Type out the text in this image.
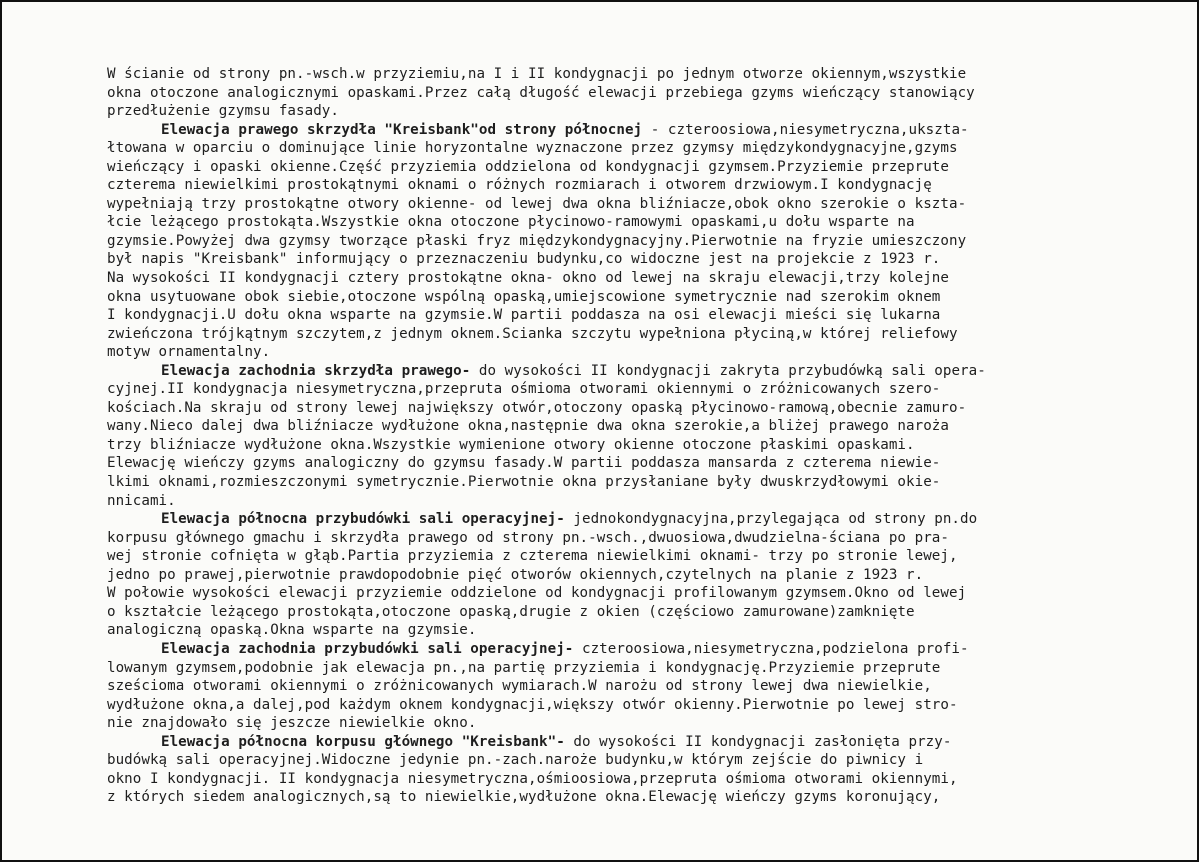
W ścianie od strony pn.-wsch.w przyziemiu,na I i II kondygnacji po jednym otworze okiennym,wszystkie
okna otoczone analogicznymi opaskami.Przez całą długość elewacji przebiega gzyms wieńczący stanowiący
przedłużenie gzymsu fasady.
Elewacja prawego skrzydła "Kreisbank"od strony północnej - czteroosiowa,niesymetryczna,ukszta-
łtowana w oparciu o dominujące linie horyzontalne wyznaczone przez gzymsy międzykondygnacyjne,gzyms
wieńczący i opaski okienne.Część przyziemia oddzielona od kondygnacji gzymsem.Przyziemie przeprute
czterema niewielkimi prostokątnymi oknami o różnych rozmiarach i otworem drzwiowym.I kondygnację
wypełniają trzy prostokątne otwory okienne- od lewej dwa okna bliźniacze,obok okno szerokie o kszta-
łcie leżącego prostokąta.Wszystkie okna otoczone płycinowo-ramowymi opaskami,u dołu wsparte na
gzymsie.Powyżej dwa gzymsy tworzące płaski fryz międzykondygnacyjny.Pierwotnie na fryzie umieszczony
był napis "Kreisbank" informujący o przeznaczeniu budynku,co widoczne jest na projekcie z 1923 r.
Na wysokości II kondygnacji cztery prostokątne okna- okno od lewej na skraju elewacji,trzy kolejne
okna usytuowane obok siebie,otoczone wspólną opaską,umiejscowione symetrycznie nad szerokim oknem
I kondygnacji.U dołu okna wsparte na gzymsie.W partii poddasza na osi elewacji mieści się lukarna
zwieńczona trójkątnym szczytem,z jednym oknem.Scianka szczytu wypełniona płyciną,w której reliefowy
motyw ornamentalny.
Elewacja zachodnia skrzydła prawego- do wysokości II kondygnacji zakryta przybudówką sali opera-
cyjnej.II kondygnacja niesymetryczna,przepruta ośmioma otworami okiennymi o zróżnicowanych szero-
kościach.Na skraju od strony lewej największy otwór,otoczony opaską płycinowo-ramową,obecnie zamuro-
wany.Nieco dalej dwa bliźniacze wydłużone okna,następnie dwa okna szerokie,a bliżej prawego naroża
trzy bliźniacze wydłużone okna.Wszystkie wymienione otwory okienne otoczone płaskimi opaskami.
Elewację wieńczy gzyms analogiczny do gzymsu fasady.W partii poddasza mansarda z czterema niewie-
lkimi oknami,rozmieszczonymi symetrycznie.Pierwotnie okna przysłaniane były dwuskrzydłowymi okie-
nnicami.
Elewacja północna przybudówki sali operacyjnej- jednokondygnacyjna,przylegająca od strony pn.do
korpusu głównego gmachu i skrzydła prawego od strony pn.-wsch.,dwuosiowa,dwudzielna-ściana po pra-
wej stronie cofnięta w głąb.Partia przyziemia z czterema niewielkimi oknami- trzy po stronie lewej,
jedno po prawej,pierwotnie prawdopodobnie pięć otworów okiennych,czytelnych na planie z 1923 r.
W połowie wysokości elewacji przyziemie oddzielone od kondygnacji profilowanym gzymsem.Okno od lewej
o kształcie leżącego prostokąta,otoczone opaską,drugie z okien (częściowo zamurowane)zamknięte
analogiczną opaską.Okna wsparte na gzymsie.
Elewacja zachodnia przybudówki sali operacyjnej- czteroosiowa,niesymetryczna,podzielona profi-
lowanym gzymsem,podobnie jak elewacja pn.,na partię przyziemia i kondygnację.Przyziemie przeprute
sześcioma otworami okiennymi o zróżnicowanych wymiarach.W narożu od strony lewej dwa niewielkie,
wydłużone okna,a dalej,pod każdym oknem kondygnacji,większy otwór okienny.Pierwotnie po lewej stro-
nie znajdowało się jeszcze niewielkie okno.
Elewacja północna korpusu głównego "Kreisbank"- do wysokości II kondygnacji zasłonięta przy-
budówką sali operacyjnej.Widoczne jedynie pn.-zach.naroże budynku,w którym zejście do piwnicy i
okno I kondygnacji. II kondygnacja niesymetryczna,ośmioosiowa,przepruta ośmioma otworami okiennymi,
z których siedem analogicznych,są to niewielkie,wydłużone okna.Elewację wieńczy gzyms koronujący,
